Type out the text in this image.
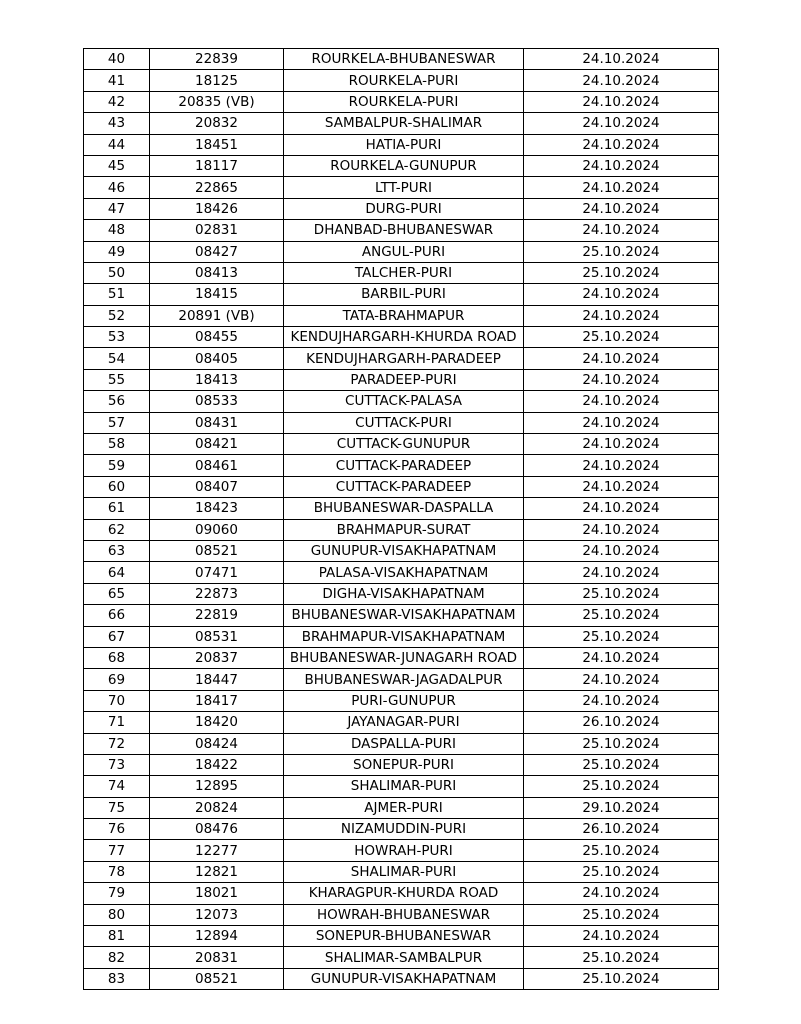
40	22839	ROURKELA-BHUBANESWAR	24.10.2024
41	18125	ROURKELA-PURI	24.10.2024
42	20835 (VB)	ROURKELA-PURI	24.10.2024
43	20832	SAMBALPUR-SHALIMAR	24.10.2024
44	18451	HATIA-PURI	24.10.2024
45	18117	ROURKELA-GUNUPUR	24.10.2024
46	22865	LTT-PURI	24.10.2024
47	18426	DURG-PURI	24.10.2024
48	02831	DHANBAD-BHUBANESWAR	24.10.2024
49	08427	ANGUL-PURI	25.10.2024
50	08413	TALCHER-PURI	25.10.2024
51	18415	BARBIL-PURI	24.10.2024
52	20891 (VB)	TATA-BRAHMAPUR	24.10.2024
53	08455	KENDUJHARGARH-KHURDA ROAD	25.10.2024
54	08405	KENDUJHARGARH-PARADEEP	24.10.2024
55	18413	PARADEEP-PURI	24.10.2024
56	08533	CUTTACK-PALASA	24.10.2024
57	08431	CUTTACK-PURI	24.10.2024
58	08421	CUTTACK-GUNUPUR	24.10.2024
59	08461	CUTTACK-PARADEEP	24.10.2024
60	08407	CUTTACK-PARADEEP	24.10.2024
61	18423	BHUBANESWAR-DASPALLA	24.10.2024
62	09060	BRAHMAPUR-SURAT	24.10.2024
63	08521	GUNUPUR-VISAKHAPATNAM	24.10.2024
64	07471	PALASA-VISAKHAPATNAM	24.10.2024
65	22873	DIGHA-VISAKHAPATNAM	25.10.2024
66	22819	BHUBANESWAR-VISAKHAPATNAM	25.10.2024
67	08531	BRAHMAPUR-VISAKHAPATNAM	25.10.2024
68	20837	BHUBANESWAR-JUNAGARH ROAD	24.10.2024
69	18447	BHUBANESWAR-JAGADALPUR	24.10.2024
70	18417	PURI-GUNUPUR	24.10.2024
71	18420	JAYANAGAR-PURI	26.10.2024
72	08424	DASPALLA-PURI	25.10.2024
73	18422	SONEPUR-PURI	25.10.2024
74	12895	SHALIMAR-PURI	25.10.2024
75	20824	AJMER-PURI	29.10.2024
76	08476	NIZAMUDDIN-PURI	26.10.2024
77	12277	HOWRAH-PURI	25.10.2024
78	12821	SHALIMAR-PURI	25.10.2024
79	18021	KHARAGPUR-KHURDA ROAD	24.10.2024
80	12073	HOWRAH-BHUBANESWAR	25.10.2024
81	12894	SONEPUR-BHUBANESWAR	24.10.2024
82	20831	SHALIMAR-SAMBALPUR	25.10.2024
83	08521	GUNUPUR-VISAKHAPATNAM	25.10.2024
